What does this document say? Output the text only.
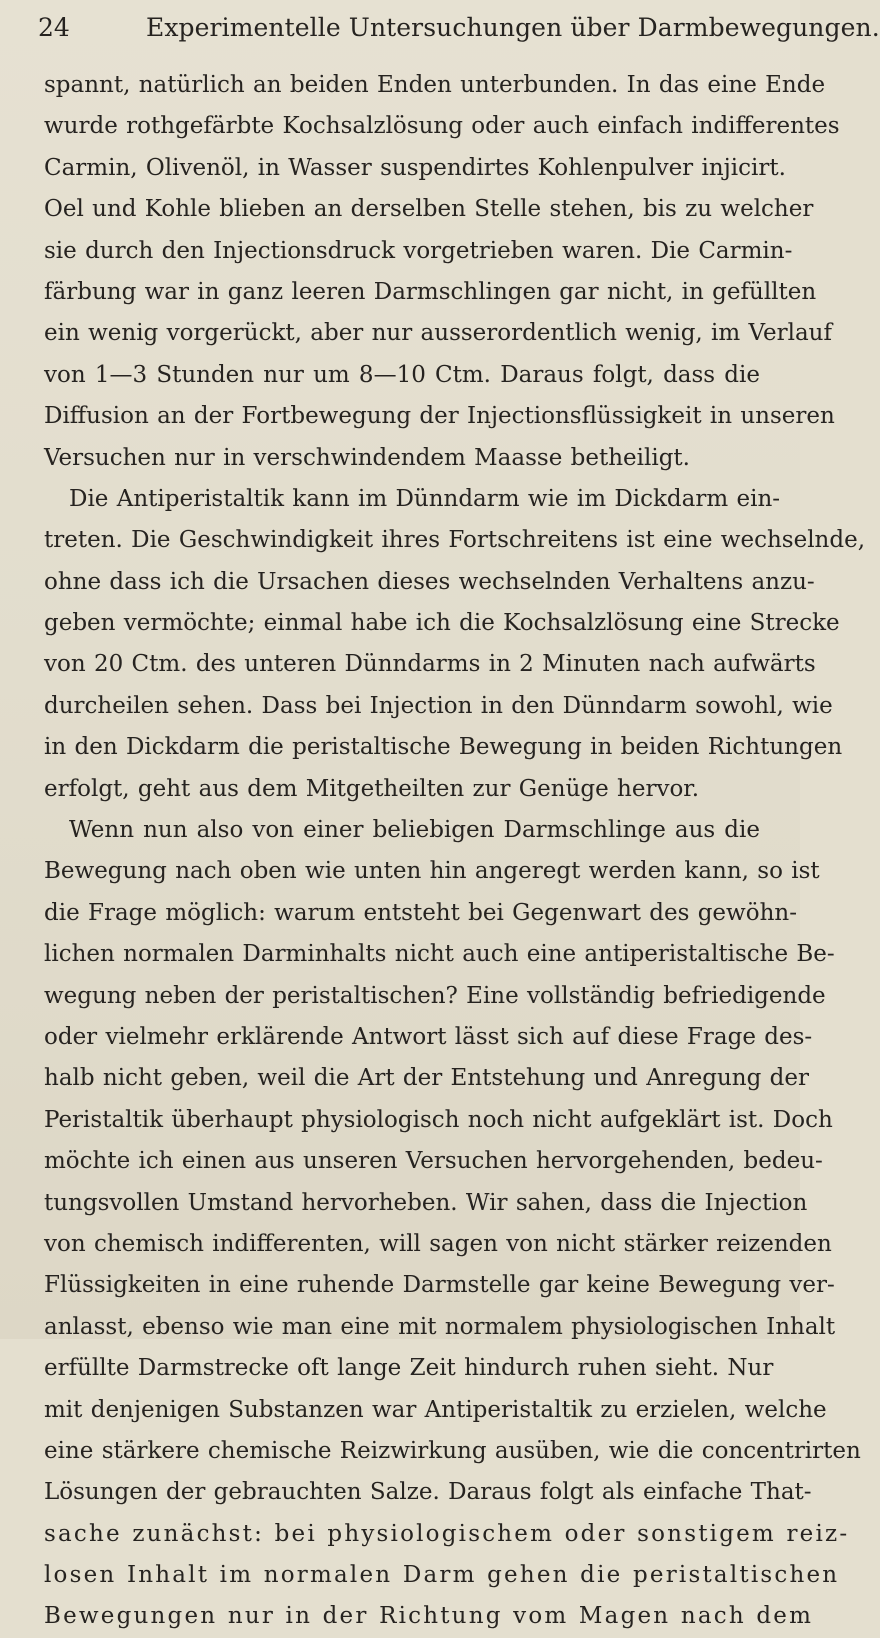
24	Experimentelle Untersuchungen über Darmbewegungen.
spannt, natürlich an beiden Enden unterbunden. In das eine Ende
wurde rothgefärbte Kochsalzlösung oder auch einfach indifferentes
Carmin, Olivenöl, in Wasser suspendirtes Kohlenpulver injicirt.
Oel und Kohle blieben an derselben Stelle stehen, bis zu welcher
sie durch den Injectionsdruck vorgetrieben waren. Die Carmin-
färbung war in ganz leeren Darmschlingen gar nicht, in gefüllten
ein wenig vorgerückt, aber nur ausserordentlich wenig, im Verlauf
von 1—3 Stunden nur um 8—10 Ctm. Daraus folgt, dass die
Diffusion an der Fortbewegung der Injectionsflüssigkeit in unseren
Versuchen nur in verschwindendem Maasse betheiligt.
Die Antiperistaltik kann im Dünndarm wie im Dickdarm ein-
treten. Die Geschwindigkeit ihres Fortschreitens ist eine wechselnde,
ohne dass ich die Ursachen dieses wechselnden Verhaltens anzu-
geben vermöchte; einmal habe ich die Kochsalzlösung eine Strecke
von 20 Ctm. des unteren Dünndarms in 2 Minuten nach aufwärts
durcheilen sehen. Dass bei Injection in den Dünndarm sowohl, wie
in den Dickdarm die peristaltische Bewegung in beiden Richtungen
erfolgt, geht aus dem Mitgetheilten zur Genüge hervor.
Wenn nun also von einer beliebigen Darmschlinge aus die
Bewegung nach oben wie unten hin angeregt werden kann, so ist
die Frage möglich: warum entsteht bei Gegenwart des gewöhn-
lichen normalen Darminhalts nicht auch eine antiperistaltische Be-
wegung neben der peristaltischen? Eine vollständig befriedigende
oder vielmehr erklärende Antwort lässt sich auf diese Frage des-
halb nicht geben, weil die Art der Entstehung und Anregung der
Peristaltik überhaupt physiologisch noch nicht aufgeklärt ist. Doch
möchte ich einen aus unseren Versuchen hervorgehenden, bedeu-
tungsvollen Umstand hervorheben. Wir sahen, dass die Injection
von chemisch indifferenten, will sagen von nicht stärker reizenden
Flüssigkeiten in eine ruhende Darmstelle gar keine Bewegung ver-
anlasst, ebenso wie man eine mit normalem physiologischen Inhalt
erfüllte Darmstrecke oft lange Zeit hindurch ruhen sieht. Nur
mit denjenigen Substanzen war Antiperistaltik zu erzielen, welche
eine stärkere chemische Reizwirkung ausüben, wie die concentrirten
Lösungen der gebrauchten Salze. Daraus folgt als einfache That-
sache zunächst: bei physiologischem oder sonstigem reiz-
losen Inhalt im normalen Darm gehen die peristaltischen
Bewegungen nur in der Richtung vom Magen nach dem
